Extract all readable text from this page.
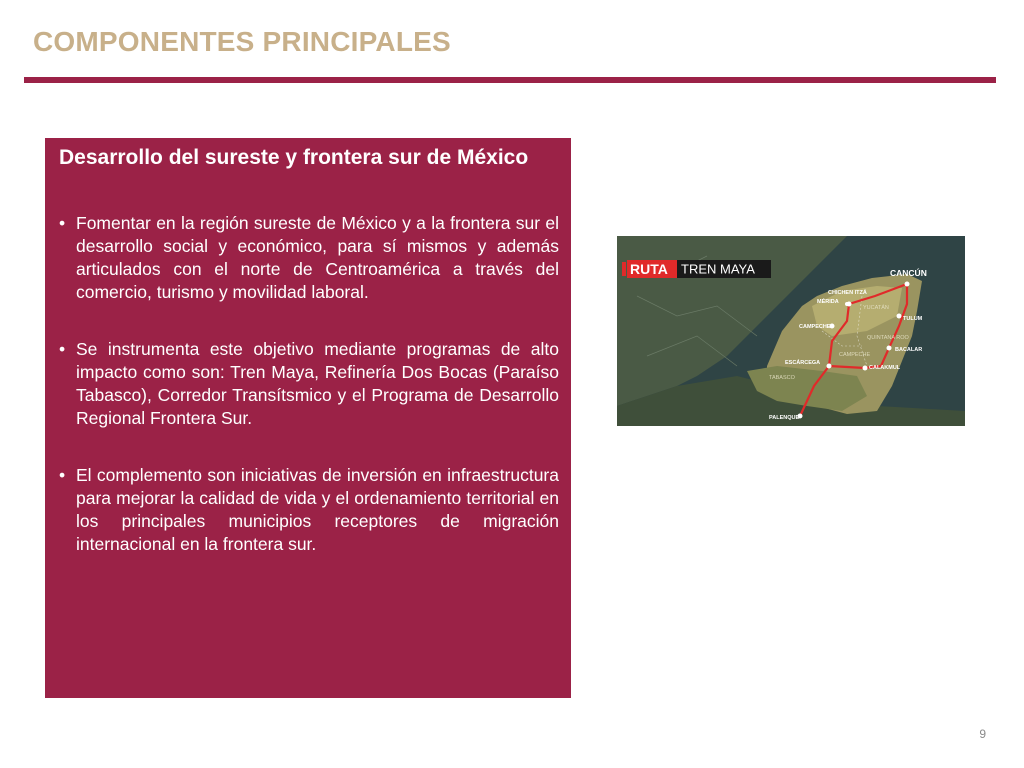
COMPONENTES PRINCIPALES
Desarrollo del sureste y frontera sur de México
• Fomentar en la región sureste de México y a la frontera sur el desarrollo social y económico, para sí mismos y además articulados con el norte de Centroamérica a través del comercio, turismo y movilidad laboral.
• Se instrumenta este objetivo mediante programas de alto impacto como son: Tren Maya, Refinería Dos Bocas (Paraíso Tabasco), Corredor Transítsmico y el Programa de Desarrollo Regional Frontera Sur.
• El complemento son iniciativas de inversión en infraestructura para mejorar la calidad de vida y el ordenamiento territorial en los principales municipios receptores de migración internacional en la frontera sur.
YUCATÁN
QUINTANA ROO
CAMPECHE
TABASCO
CANCÚN
CHICHEN ITZÁ
MÉRIDA
CAMPECHE
TULUM
BACALAR
ESCÁRCEGA
CALAKMUL
PALENQUE
RUTA TREN MAYA
9
